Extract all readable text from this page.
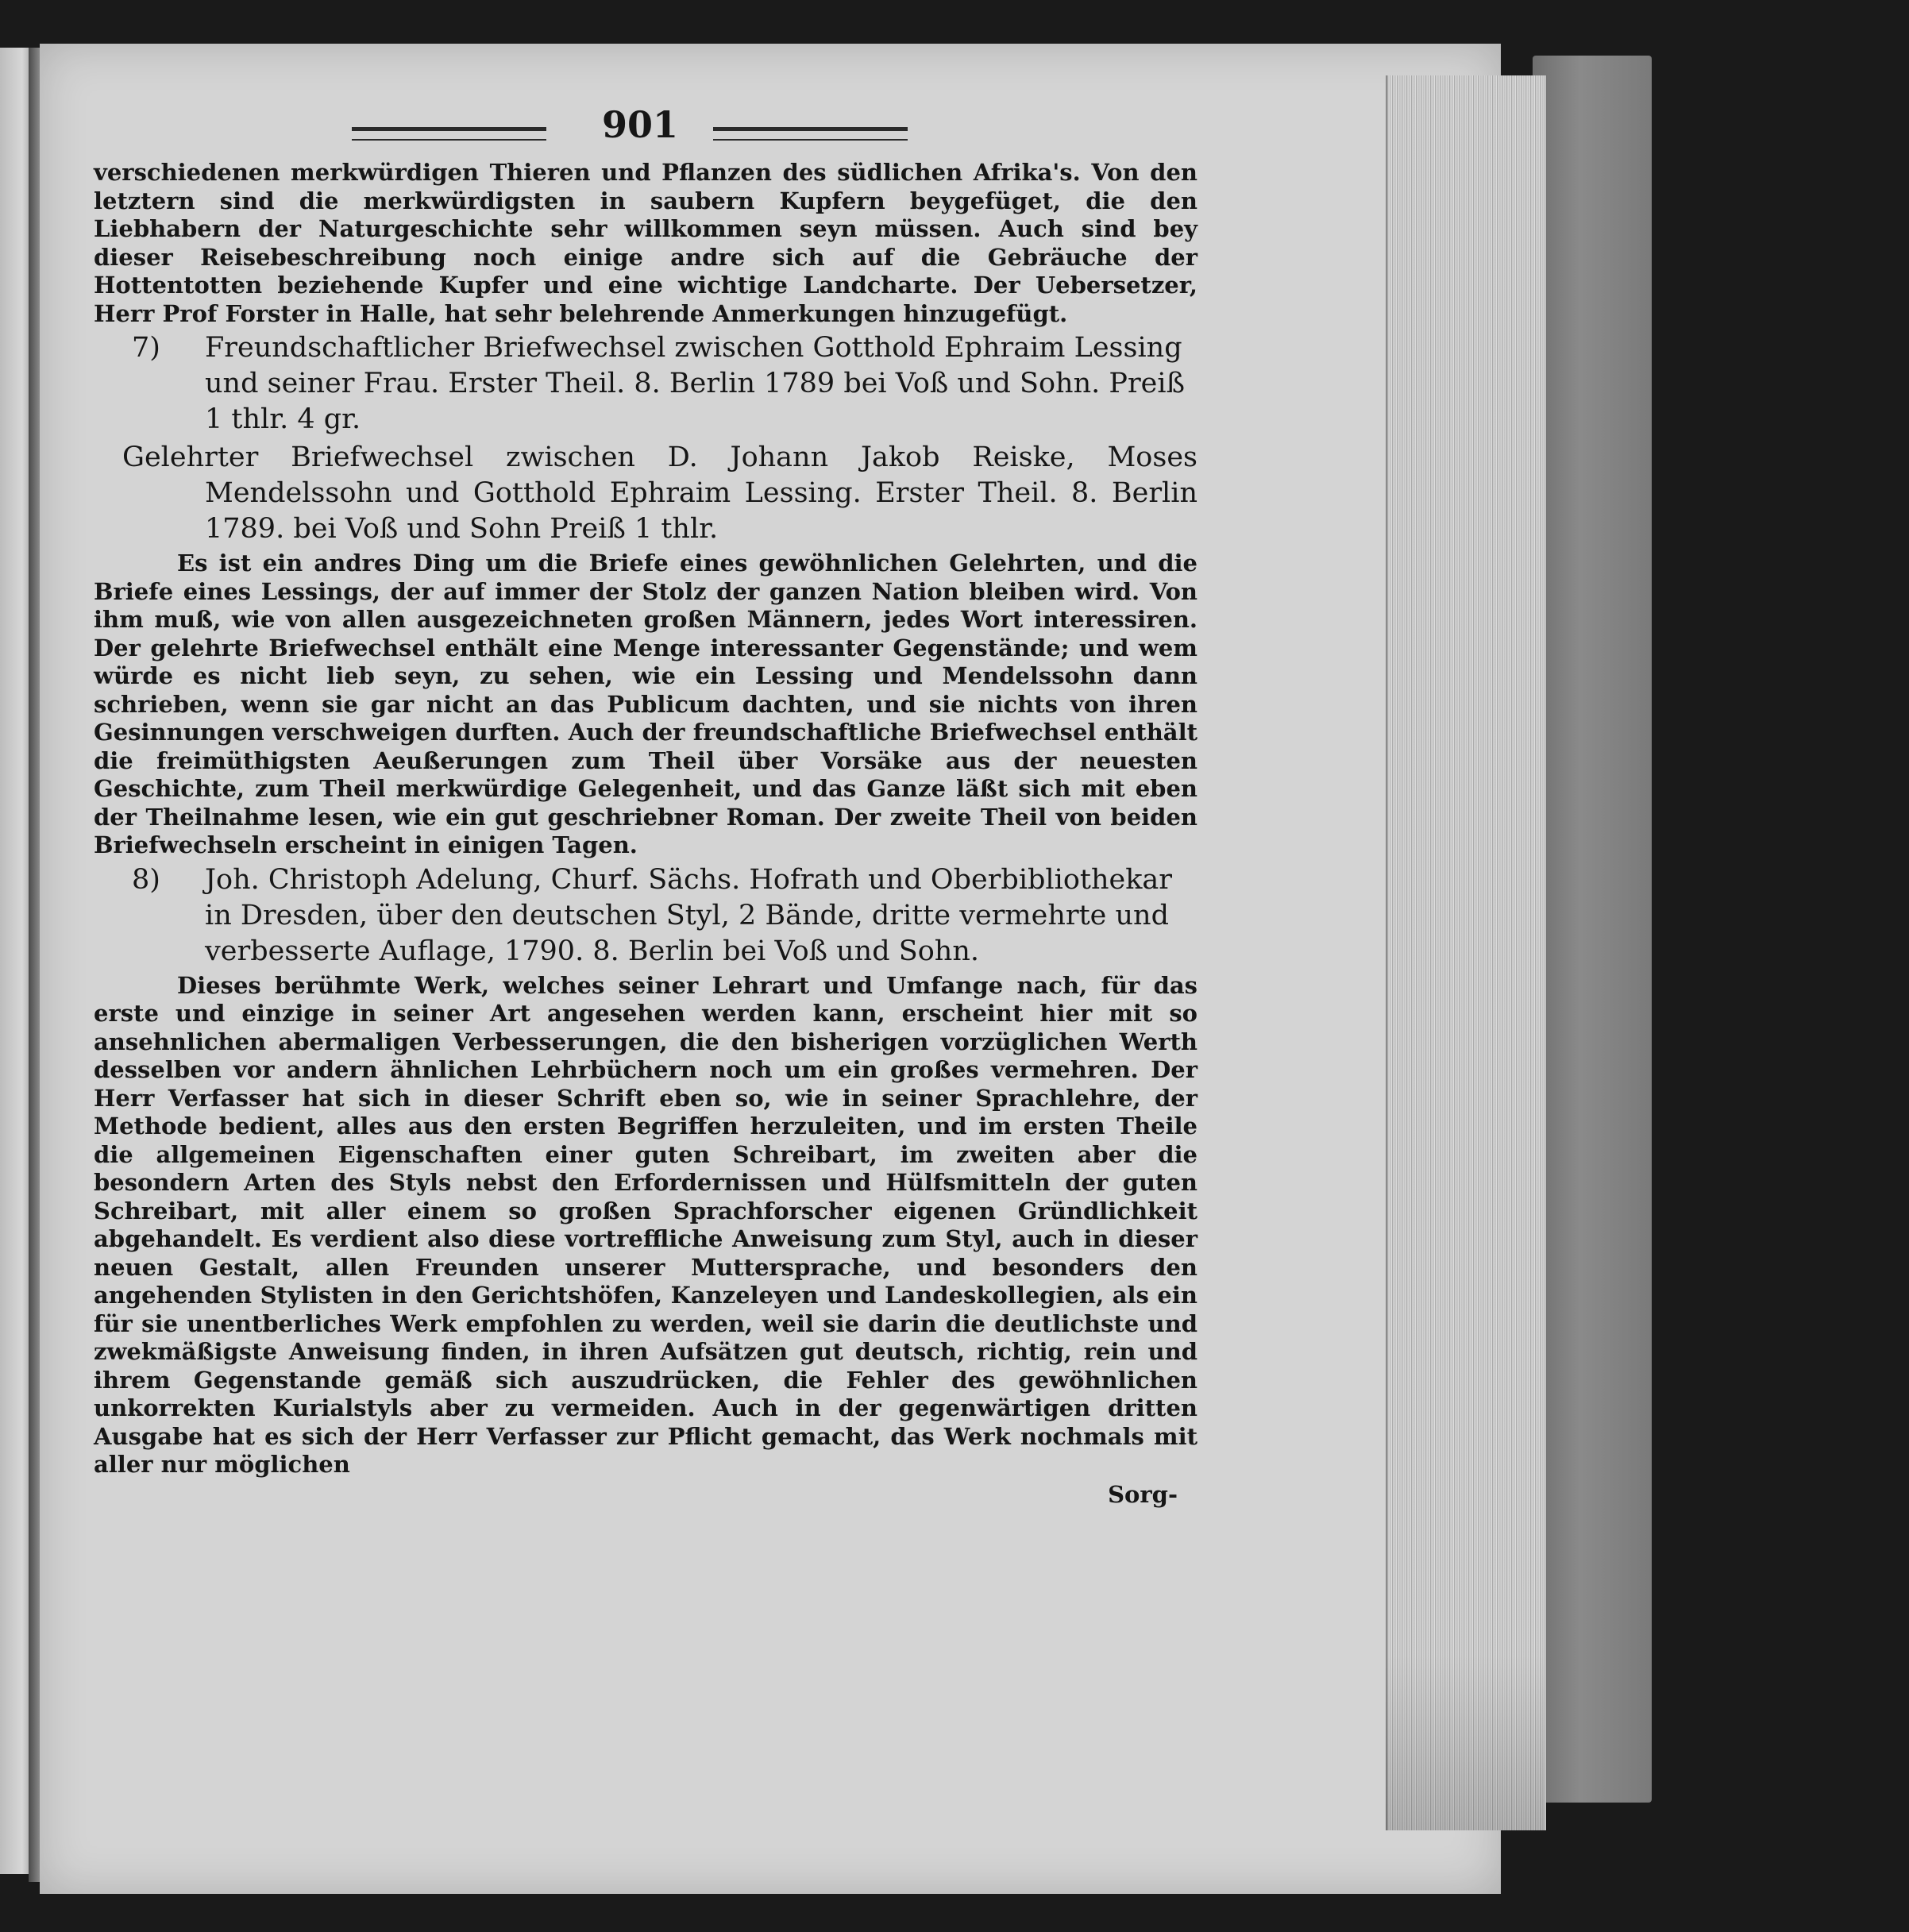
901

verschiedenen merkwürdigen Thieren und Pflanzen des südlichen Afrika's. Von den letztern sind die merkwürdigsten in saubern Kupfern beygefüget, die den Liebhabern der Naturgeschichte sehr willkommen seyn müssen. Auch sind bey dieser Reisebeschreibung noch einige andre sich auf die Gebräuche der Hottentotten beziehende Kupfer und eine wichtige Landcharte. Der Uebersetzer, Herr Prof Forster in Halle, hat sehr belehrende Anmerkungen hinzugefügt.

7) Freundschaftlicher Briefwechsel zwischen Gotthold Ephraim Lessing und seiner Frau. Erster Theil. 8. Berlin 1789 bei Voß und Sohn. Preiß 1 thlr. 4 gr.

Gelehrter Briefwechsel zwischen D. Johann Jakob Reiske, Moses Mendelssohn und Gotthold Ephraim Lessing. Erster Theil. 8. Berlin 1789. bei Voß und Sohn Preiß 1 thlr.

Es ist ein andres Ding um die Briefe eines gewöhnlichen Gelehrten, und die Briefe eines Lessings, der auf immer der Stolz der ganzen Nation bleiben wird. Von ihm muß, wie von allen ausgezeichneten großen Männern, jedes Wort interessiren. Der gelehrte Briefwechsel enthält eine Menge interessanter Gegenstände; und wem würde es nicht lieb seyn, zu sehen, wie ein Lessing und Mendelssohn dann schrieben, wenn sie gar nicht an das Publicum dachten, und sie nichts von ihren Gesinnungen verschweigen durften. Auch der freundschaftliche Briefwechsel enthält die freimüthigsten Aeußerungen zum Theil über Vorsäke aus der neuesten Geschichte, zum Theil merkwürdige Gelegenheit, und das Ganze läßt sich mit eben der Theilnahme lesen, wie ein gut geschriebner Roman. Der zweite Theil von beiden Briefwechseln erscheint in einigen Tagen.

8) Joh. Christoph Adelung, Churf. Sächs. Hofrath und Oberbibliothekar in Dresden, über den deutschen Styl, 2 Bände, dritte vermehrte und verbesserte Auflage, 1790. 8. Berlin bei Voß und Sohn.

Dieses berühmte Werk, welches seiner Lehrart und Umfange nach, für das erste und einzige in seiner Art angesehen werden kann, erscheint hier mit so ansehnlichen abermaligen Verbesserungen, die den bisherigen vorzüglichen Werth desselben vor andern ähnlichen Lehrbüchern noch um ein großes vermehren. Der Herr Verfasser hat sich in dieser Schrift eben so, wie in seiner Sprachlehre, der Methode bedient, alles aus den ersten Begriffen herzuleiten, und im ersten Theile die allgemeinen Eigenschaften einer guten Schreibart, im zweiten aber die besondern Arten des Styls nebst den Erfordernissen und Hülfsmitteln der guten Schreibart, mit aller einem so großen Sprachforscher eigenen Gründlichkeit abgehandelt. Es verdient also diese vortreffliche Anweisung zum Styl, auch in dieser neuen Gestalt, allen Freunden unserer Muttersprache, und besonders den angehenden Stylisten in den Gerichtshöfen, Kanzeleyen und Landeskollegien, als ein für sie unentberliches Werk empfohlen zu werden, weil sie darin die deutlichste und zwekmäßigste Anweisung finden, in ihren Aufsätzen gut deutsch, richtig, rein und ihrem Gegenstande gemäß sich auszudrücken, die Fehler des gewöhnlichen unkorrekten Kurialstyls aber zu vermeiden. Auch in der gegenwärtigen dritten Ausgabe hat es sich der Herr Verfasser zur Pflicht gemacht, das Werk nochmals mit aller nur möglichen

Sorg-
